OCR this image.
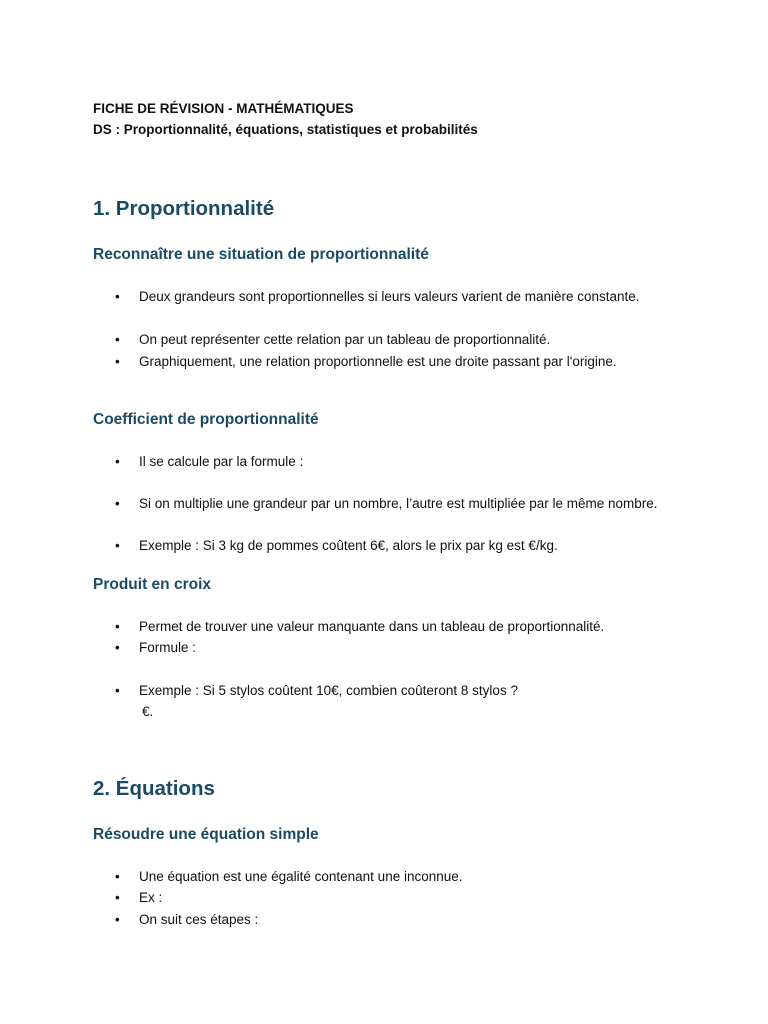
FICHE DE RÉVISION - MATHÉMATIQUES
DS : Proportionnalité, équations, statistiques et probabilités
1. Proportionnalité
Reconnaître une situation de proportionnalité
• Deux grandeurs sont proportionnelles si leurs valeurs varient de manière constante.
• On peut représenter cette relation par un tableau de proportionnalité.
• Graphiquement, une relation proportionnelle est une droite passant par l'origine.
Coefficient de proportionnalité
• Il se calcule par la formule :
• Si on multiplie une grandeur par un nombre, l’autre est multipliée par le même nombre.
• Exemple : Si 3 kg de pommes coûtent 6€, alors le prix par kg est €/kg.
Produit en croix
• Permet de trouver une valeur manquante dans un tableau de proportionnalité.
• Formule :
• Exemple : Si 5 stylos coûtent 10€, combien coûteront 8 stylos ?
€.
2. Équations
Résoudre une équation simple
• Une équation est une égalité contenant une inconnue.
• Ex :
• On suit ces étapes :
